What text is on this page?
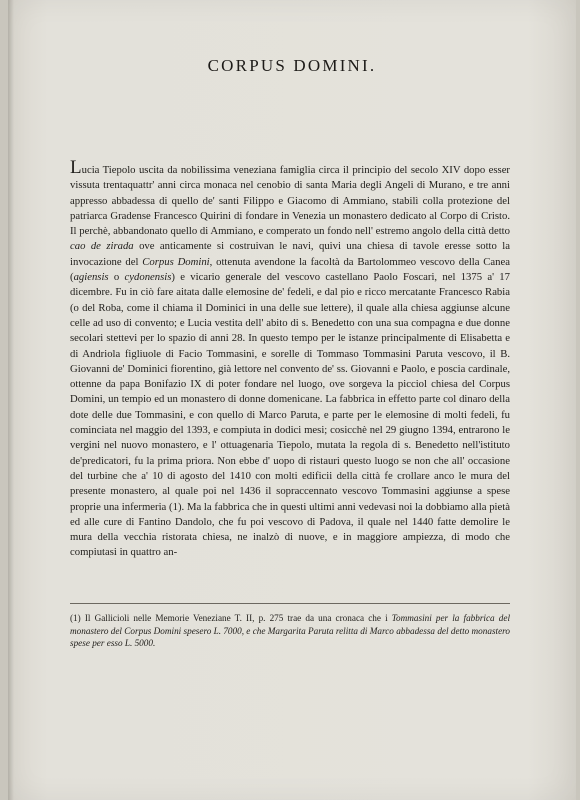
CORPUS DOMINI.

Lucia Tiepolo uscita da nobilissima veneziana famiglia circa il principio del secolo XIV dopo esser vissuta trentaquattr' anni circa monaca nel cenobio di santa Maria degli Angeli di Murano, e tre anni appresso abbadessa di quello de' santi Filippo e Giacomo di Ammiano, stabilì colla protezione del patriarca Gradense Francesco Quirini di fondare in Venezia un monastero dedicato al Corpo di Cristo. Il perchè, abbandonato quello di Ammiano, e comperato un fondo nell' estremo angolo della città detto cao de zirada ove anticamente si costruivan le navi, quivi una chiesa di tavole eresse sotto la invocazione del Corpus Domini, ottenuta avendone la facoltà da Bartolommeo vescovo della Canea (agiensis o cydonensis) e vicario generale del vescovo castellano Paolo Foscari, nel 1375 a' 17 dicembre. Fu in ciò fare aitata dalle elemosine de' fedeli, e dal pio e ricco mercatante Francesco Rabia (o del Roba, come il chiama il Dominici in una delle sue lettere), il quale alla chiesa aggiunse alcune celle ad uso di convento; e Lucia vestita dell' abito di s. Benedetto con una sua compagna e due donne secolari stettevi per lo spazio di anni 28. In questo tempo per le istanze principalmente di Elisabetta e di Andriola figliuole di Facio Tommasini, e sorelle di Tommaso Tommasini Paruta vescovo, il B. Giovanni de' Dominici fiorentino, già lettore nel convento de' ss. Giovanni e Paolo, e poscia cardinale, ottenne da papa Bonifazio IX di poter fondare nel luogo, ove sorgeva la picciol chiesa del Corpus Domini, un tempio ed un monastero di donne domenicane. La fabbrica in effetto parte col dinaro della dote delle due Tommasini, e con quello di Marco Paruta, e parte per le elemosine di molti fedeli, fu cominciata nel maggio del 1393, e compiuta in dodici mesi; cosicchè nel 29 giugno 1394, entrarono le vergini nel nuovo monastero, e l' ottuagenaria Tiepolo, mutata la regola di s. Benedetto nell'istituto de'predicatori, fu la prima priora. Non ebbe d' uopo di ristauri questo luogo se non che all' occasione del turbine che a' 10 di agosto del 1410 con molti edificii della città fe crollare anco le mura del presente monastero, al quale poi nel 1436 il sopraccennato vescovo Tommasini aggiunse a spese proprie una infermeria (1). Ma la fabbrica che in questi ultimi anni vedevasi noi la dobbiamo alla pietà ed alle cure di Fantino Dandolo, che fu poi vescovo di Padova, il quale nel 1440 fatte demolire le mura della vecchia ristorata chiesa, ne inalzò di nuove, e in maggiore ampiezza, di modo che compiutasi in quattro an-

(1) Il Gallicioli nelle Memorie Veneziane T. II, p. 275 trae da una cronaca che i Tommasini per la fabbrica del monastero del Corpus Domini spesero L. 7000, e che Margarita Paruta relitta di Marco abbadessa del detto monastero spese per esso L. 5000.
